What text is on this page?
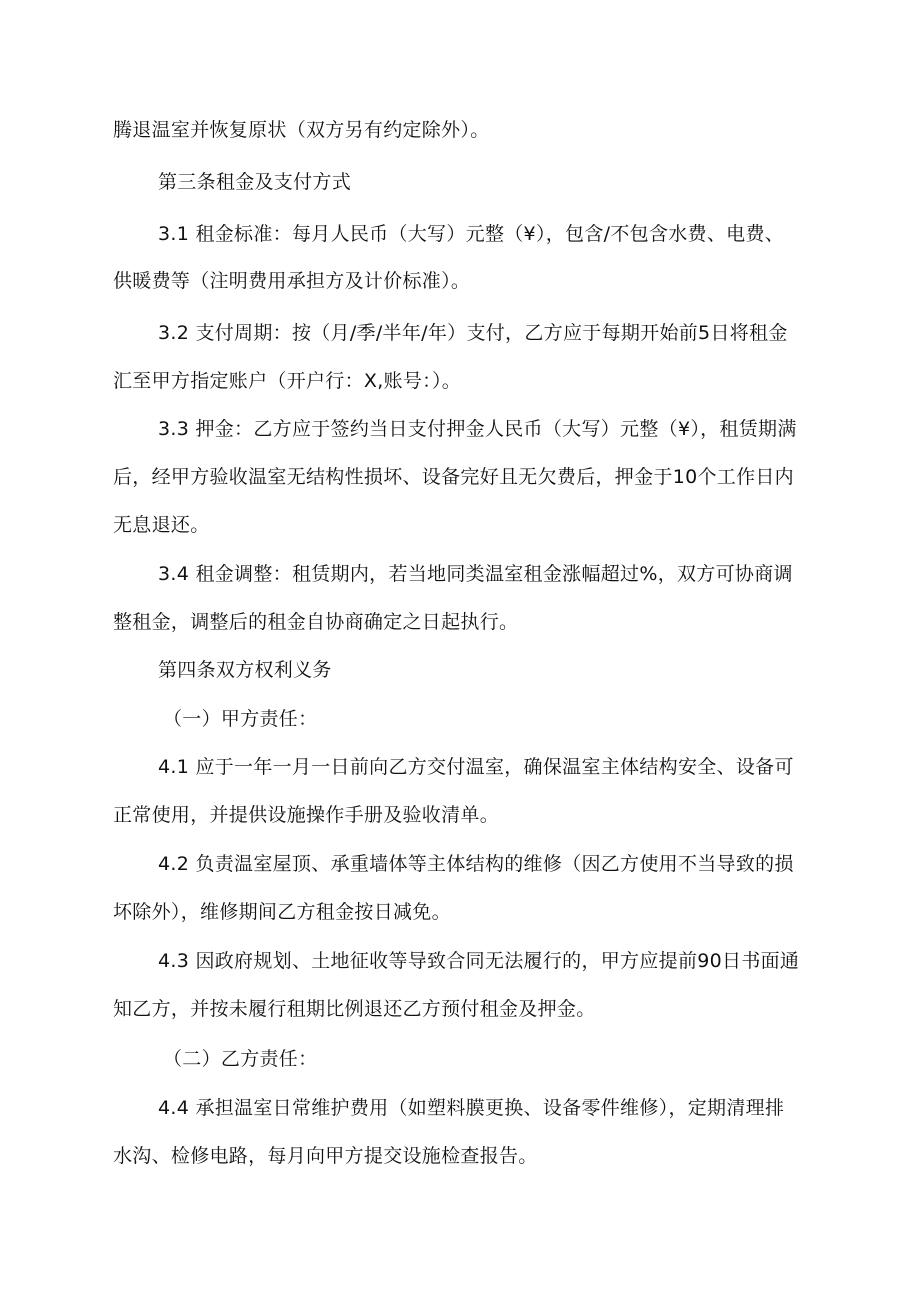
腾退温室并恢复原状（双方另有约定除外）。
第三条租金及支付方式
3.1 租金标准：每月人民币（大写）元整（¥），包含/不包含水费、电费、
供暖费等（注明费用承担方及计价标准）。
3.2 支付周期：按（月/季/半年/年）支付，乙方应于每期开始前5日将租金
汇至甲方指定账户（开户行：X,账号：）。
3.3 押金：乙方应于签约当日支付押金人民币（大写）元整（¥），租赁期满
后，经甲方验收温室无结构性损坏、设备完好且无欠费后，押金于10个工作日内
无息退还。
3.4 租金调整：租赁期内，若当地同类温室租金涨幅超过%，双方可协商调
整租金，调整后的租金自协商确定之日起执行。
第四条双方权利义务
（一）甲方责任：
4.1 应于一年一月一日前向乙方交付温室，确保温室主体结构安全、设备可
正常使用，并提供设施操作手册及验收清单。
4.2 负责温室屋顶、承重墙体等主体结构的维修（因乙方使用不当导致的损
坏除外），维修期间乙方租金按日减免。
4.3 因政府规划、土地征收等导致合同无法履行的，甲方应提前90日书面通
知乙方，并按未履行租期比例退还乙方预付租金及押金。
（二）乙方责任：
4.4 承担温室日常维护费用（如塑料膜更换、设备零件维修），定期清理排
水沟、检修电路，每月向甲方提交设施检查报告。
